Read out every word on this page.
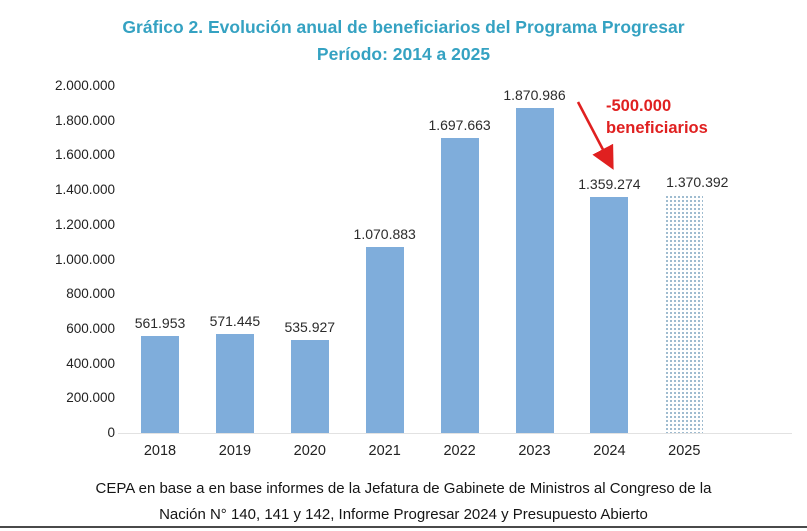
Gráfico 2. Evolución anual de beneficiarios del Programa Progresar
Período: 2014 a 2025
0
200.000
400.000
600.000
800.000
1.000.000
1.200.000
1.400.000
1.600.000
1.800.000
2.000.000
561.953
2018
571.445
2019
535.927
2020
1.070.883
2021
1.697.663
2022
1.870.986
2023
1.359.274
2024
1.370.392
2025
-500.000
beneficiarios
CEPA en base a en base informes de la Jefatura de Gabinete de Ministros al Congreso de la
Nación N° 140, 141 y 142, Informe Progresar 2024 y Presupuesto Abierto
